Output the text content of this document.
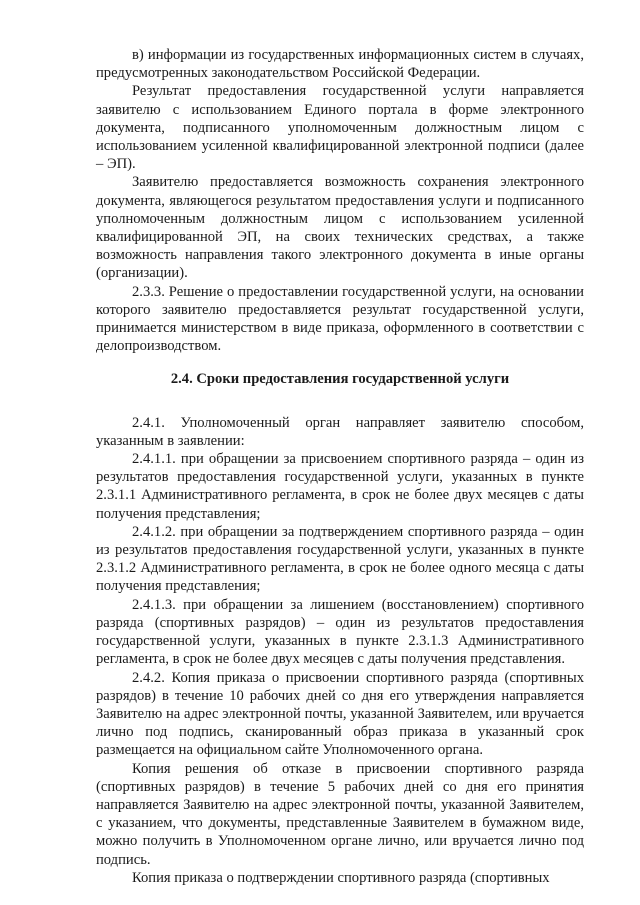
в) информации из государственных информационных систем в случаях, предусмотренных законодательством Российской Федерации.

Результат предоставления государственной услуги направляется заявителю с использованием Единого портала в форме электронного документа, подписанного уполномоченным должностным лицом с использованием усиленной квалифицированной электронной подписи (далее – ЭП).

Заявителю предоставляется возможность сохранения электронного документа, являющегося результатом предоставления услуги и подписанного уполномоченным должностным лицом с использованием усиленной квалифицированной ЭП, на своих технических средствах, а также возможность направления такого электронного документа в иные органы (организации).

2.3.3. Решение о предоставлении государственной услуги, на основании которого заявителю предоставляется результат государственной услуги, принимается министерством в виде приказа, оформленного в соответствии с делопроизводством.

2.4. Сроки предоставления государственной услуги

2.4.1. Уполномоченный орган направляет заявителю способом, указанным в заявлении:

2.4.1.1. при обращении за присвоением спортивного разряда – один из результатов предоставления государственной услуги, указанных в пункте 2.3.1.1 Административного регламента, в срок не более двух месяцев с даты получения представления;

2.4.1.2. при обращении за подтверждением спортивного разряда – один из результатов предоставления государственной услуги, указанных в пункте 2.3.1.2 Административного регламента, в срок не более одного месяца с даты получения представления;

2.4.1.3. при обращении за лишением (восстановлением) спортивного разряда (спортивных разрядов) – один из результатов предоставления государственной услуги, указанных в пункте 2.3.1.3 Административного регламента, в срок не более двух месяцев с даты получения представления.

2.4.2. Копия приказа о присвоении спортивного разряда (спортивных разрядов) в течение 10 рабочих дней со дня его утверждения направляется Заявителю на адрес электронной почты, указанной Заявителем, или вручается лично под подпись, сканированный образ приказа в указанный срок размещается на официальном сайте Уполномоченного органа.

Копия решения об отказе в присвоении спортивного разряда (спортивных разрядов) в течение 5 рабочих дней со дня его принятия направляется Заявителю на адрес электронной почты, указанной Заявителем, с указанием, что документы, представленные Заявителем в бумажном виде, можно получить в Уполномоченном органе лично, или вручается лично под подпись.

Копия приказа о подтверждении спортивного разряда (спортивных
